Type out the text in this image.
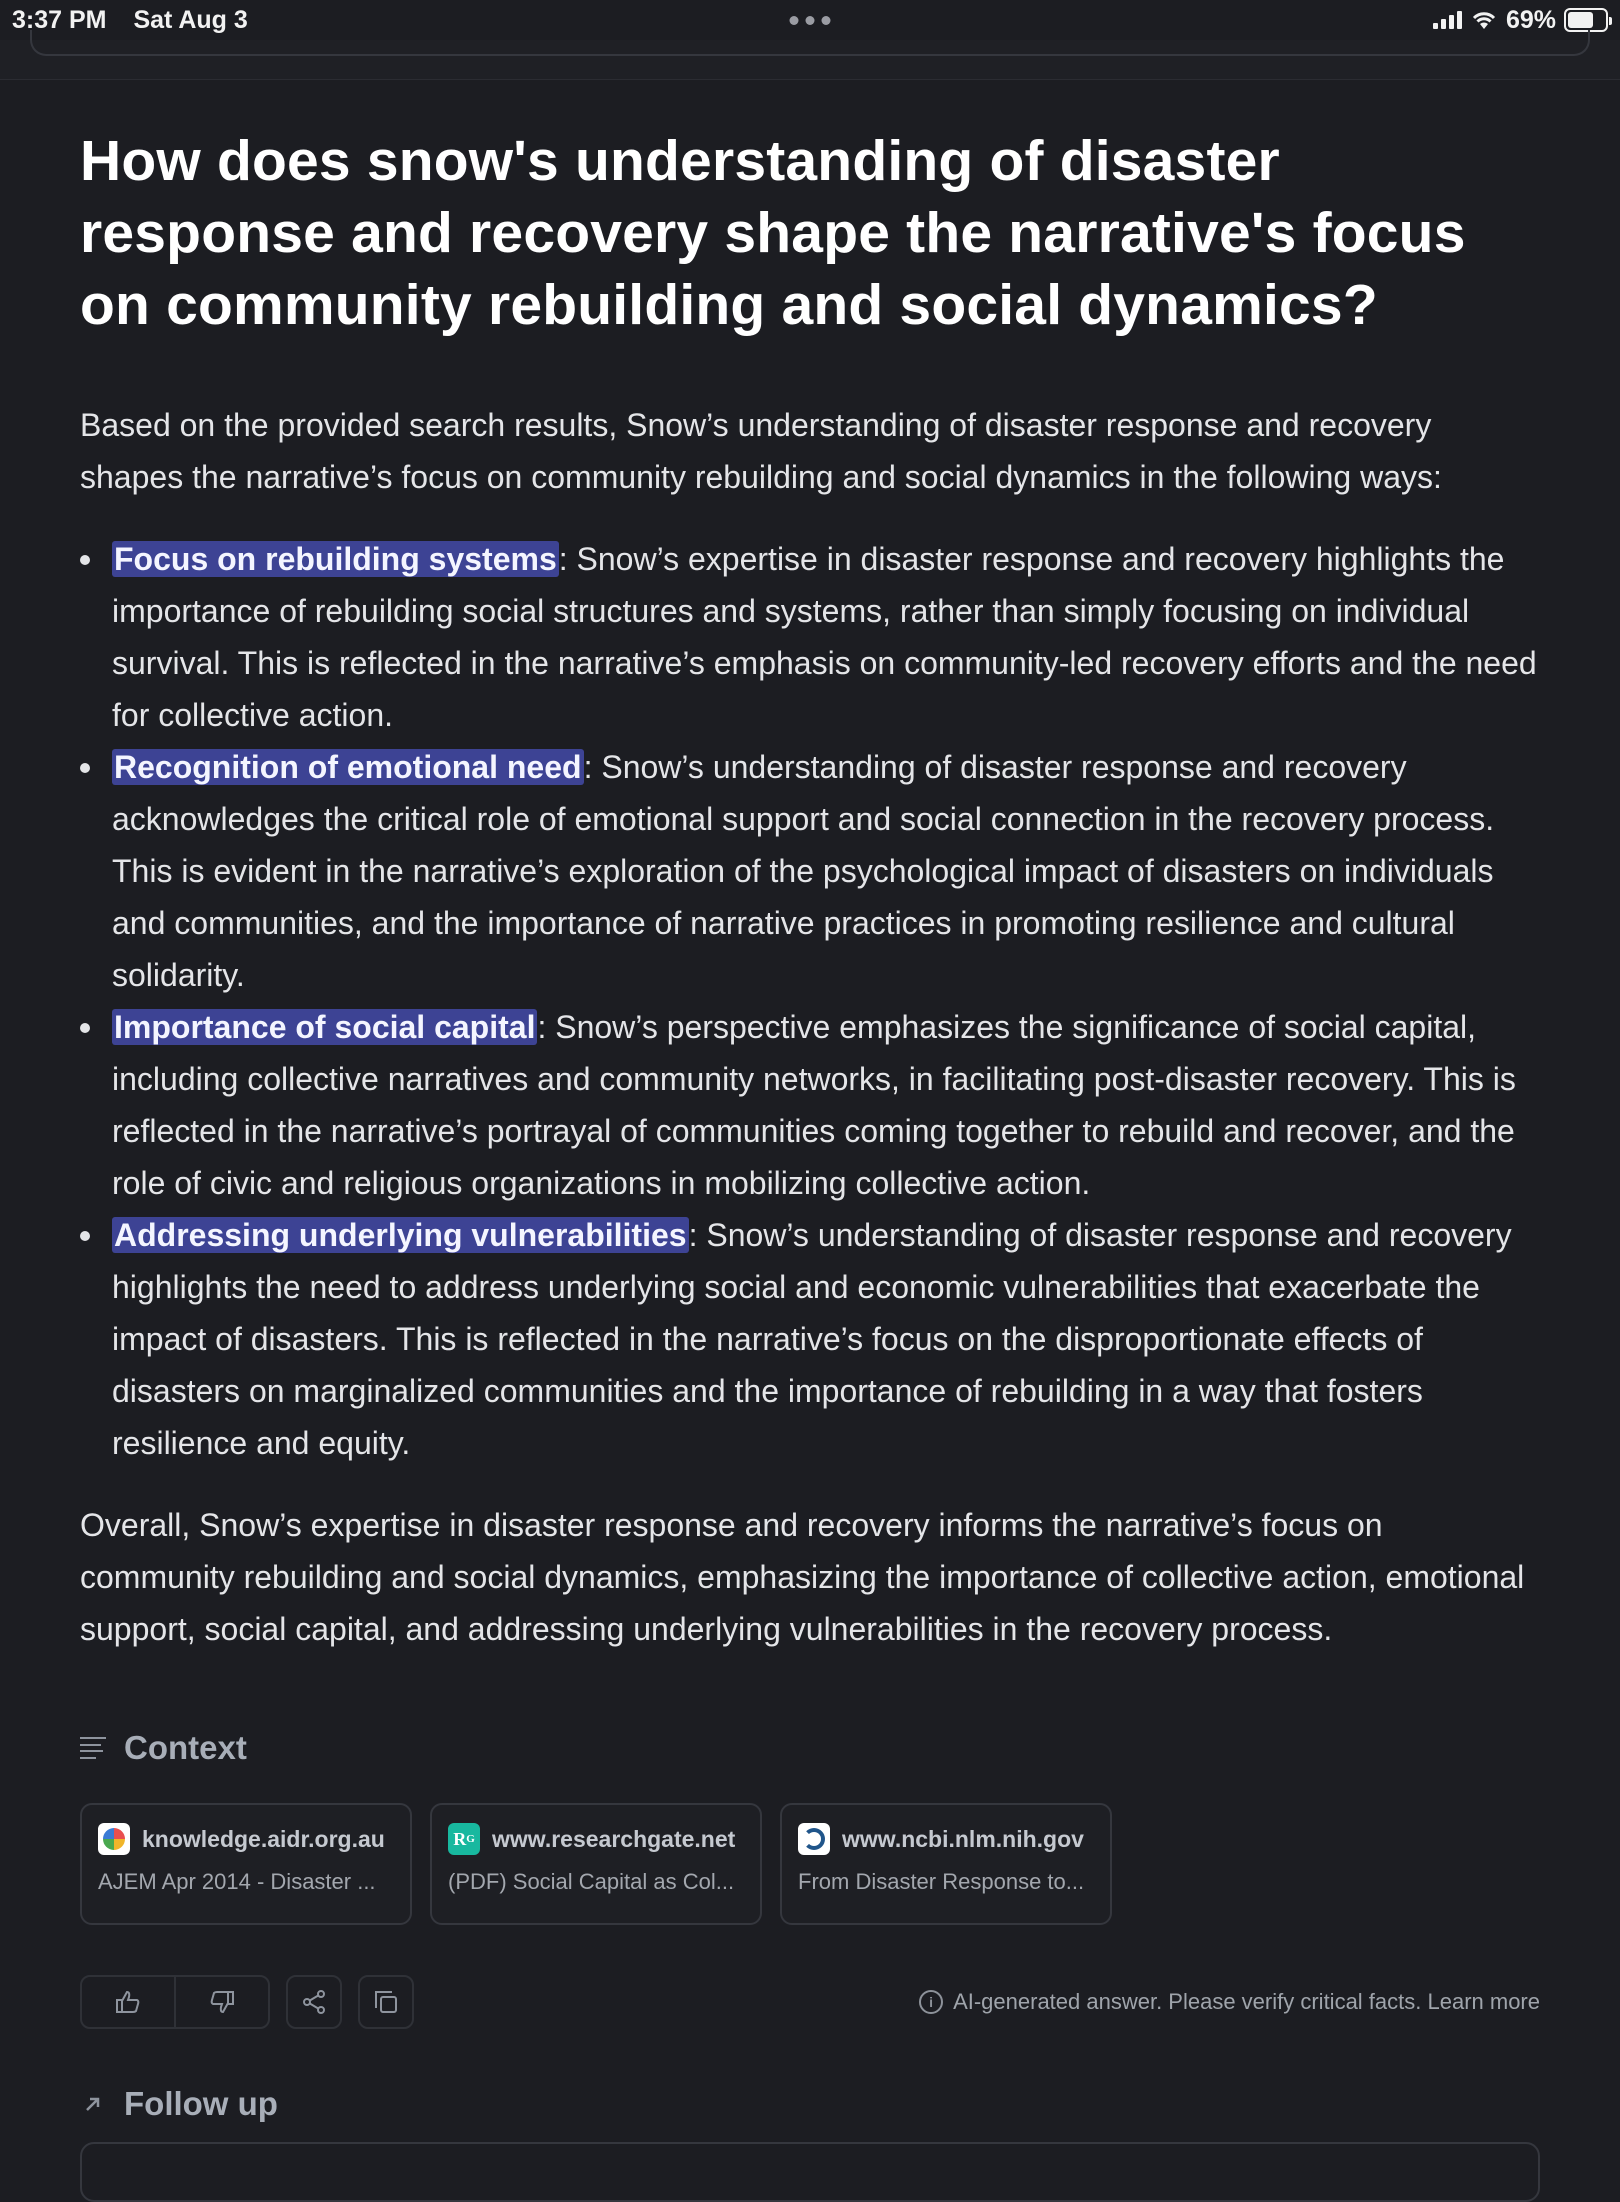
3:37 PM Sat Aug 3	69%
How does snow's understanding of disaster response and recovery shape the narrative's focus on community rebuilding and social dynamics?

Based on the provided search results, Snow’s understanding of disaster response and recovery shapes the narrative’s focus on community rebuilding and social dynamics in the following ways:

Focus on rebuilding systems: Snow’s expertise in disaster response and recovery highlights the importance of rebuilding social structures and systems, rather than simply focusing on individual survival. This is reflected in the narrative’s emphasis on community-led recovery efforts and the need for collective action.
Recognition of emotional need: Snow’s understanding of disaster response and recovery acknowledges the critical role of emotional support and social connection in the recovery process. This is evident in the narrative’s exploration of the psychological impact of disasters on individuals and communities, and the importance of narrative practices in promoting resilience and cultural solidarity.
Importance of social capital: Snow’s perspective emphasizes the significance of social capital, including collective narratives and community networks, in facilitating post-disaster recovery. This is reflected in the narrative’s portrayal of communities coming together to rebuild and recover, and the role of civic and religious organizations in mobilizing collective action.
Addressing underlying vulnerabilities: Snow’s understanding of disaster response and recovery highlights the need to address underlying social and economic vulnerabilities that exacerbate the impact of disasters. This is reflected in the narrative’s focus on the disproportionate effects of disasters on marginalized communities and the importance of rebuilding in a way that fosters resilience and equity.

Overall, Snow’s expertise in disaster response and recovery informs the narrative’s focus on community rebuilding and social dynamics, emphasizing the importance of collective action, emotional support, social capital, and addressing underlying vulnerabilities in the recovery process.

Context
knowledge.aidr.org.au
AJEM Apr 2014 - Disaster ...
R G www.researchgate.net
(PDF) Social Capital as Col...
www.ncbi.nlm.nih.gov
From Disaster Response to...
i AI-generated answer. Please verify critical facts. Learn more
Follow up
